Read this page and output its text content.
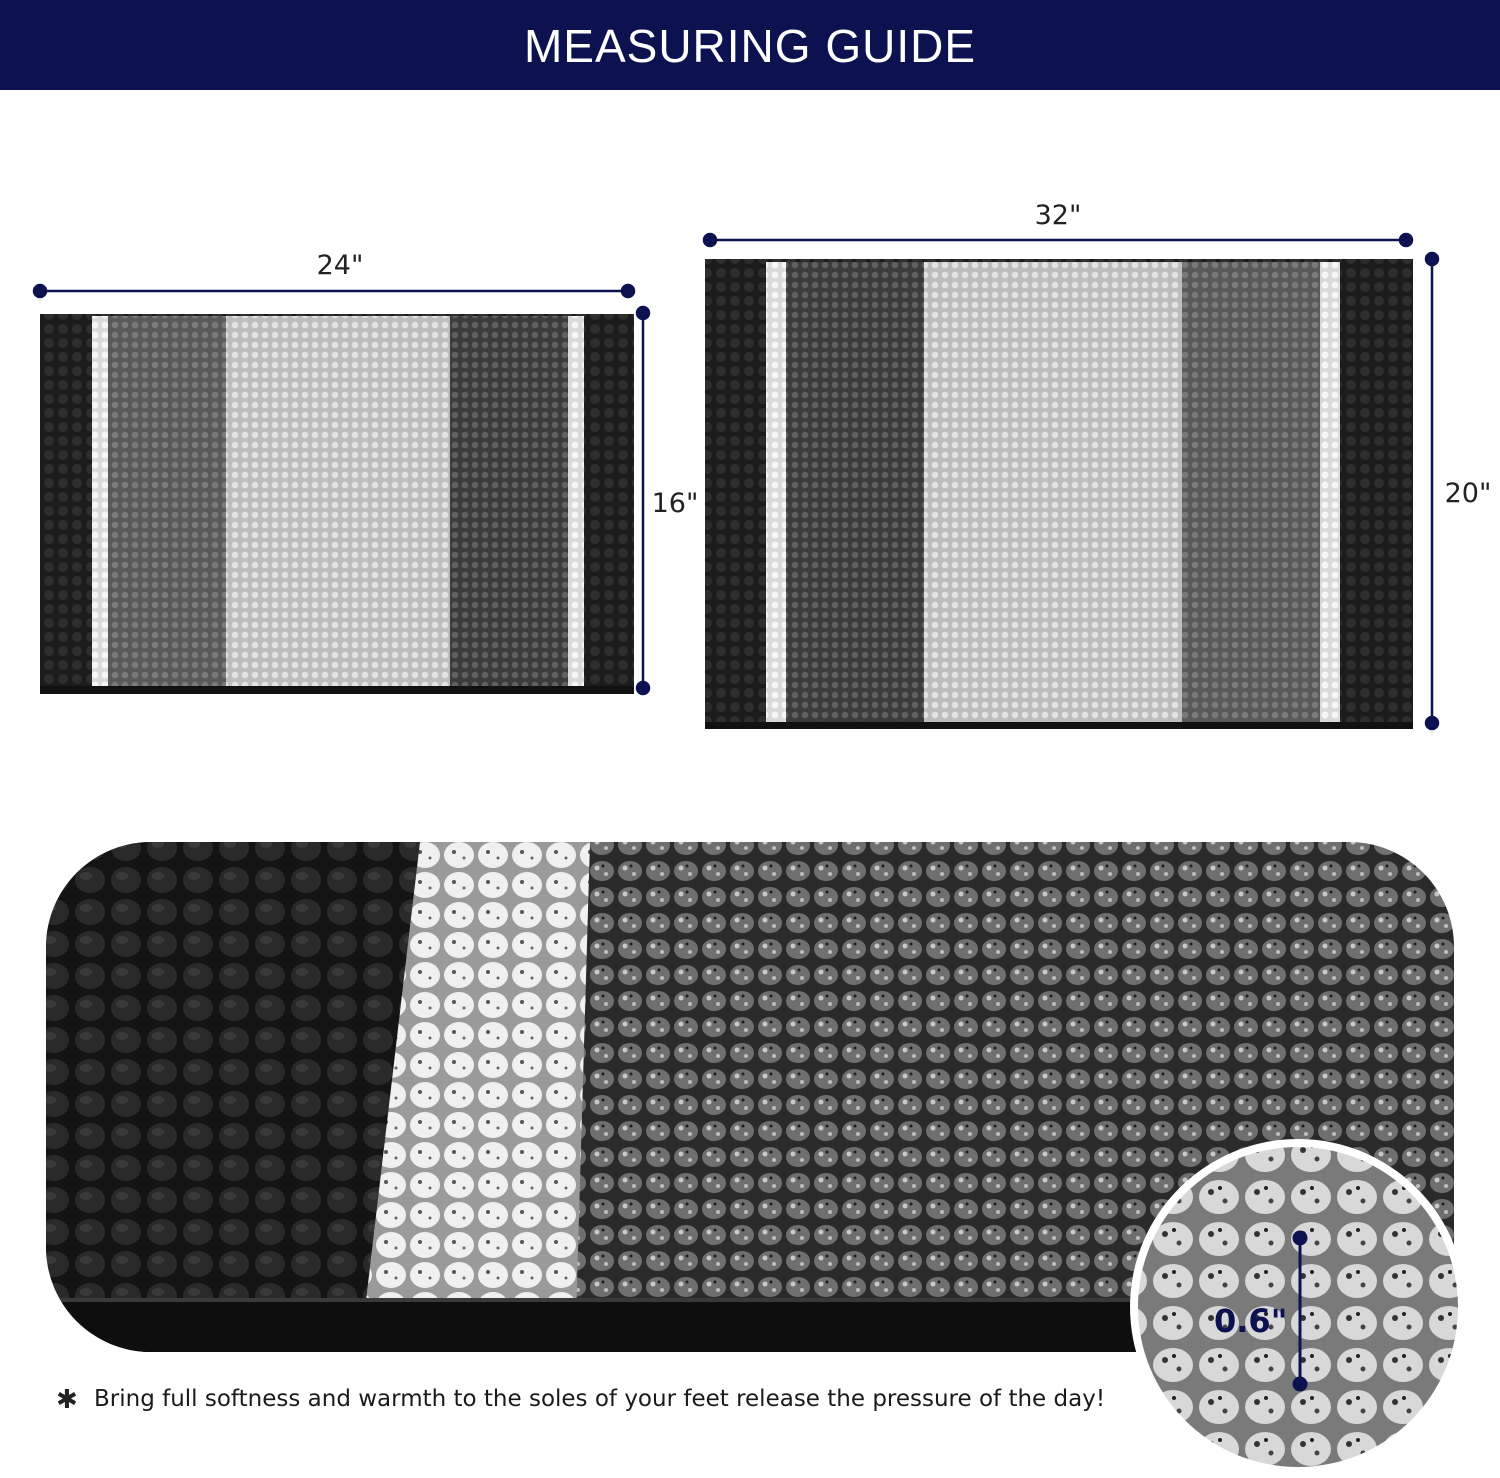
MEASURING GUIDE
24"
16"
32"
20"
0.6"
✱ Bring full softness and warmth to the soles of your feet release the pressure of the day!
